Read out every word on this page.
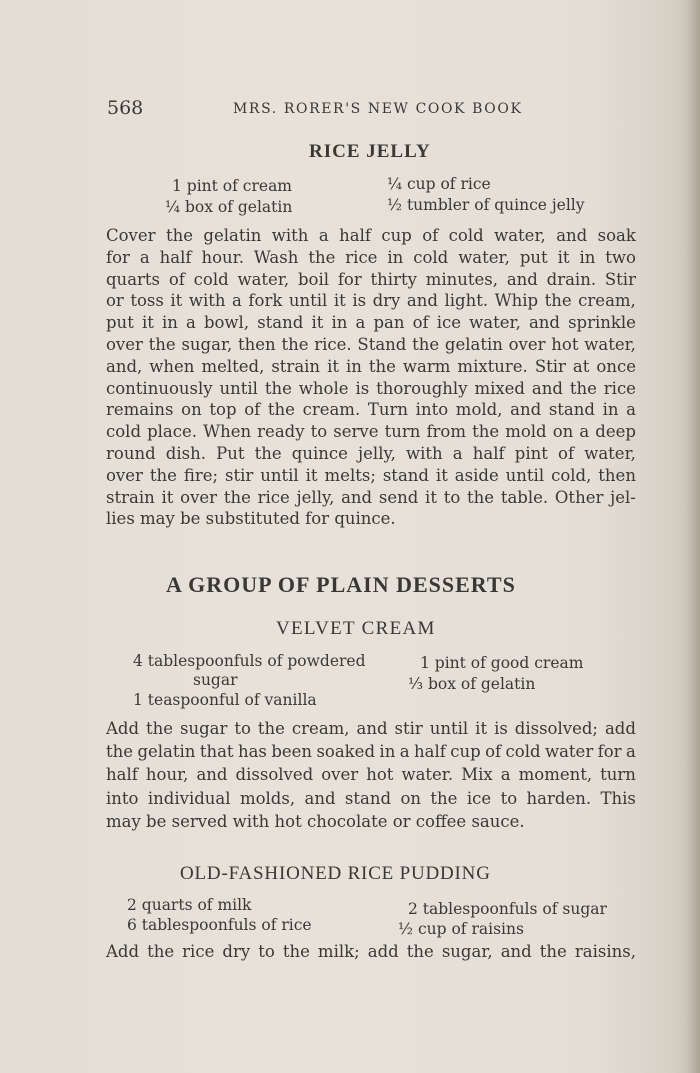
568	MRS. RORER'S NEW COOK BOOK
RICE JELLY
1 pint of cream
¼ box of gelatin
¼ cup of rice
½ tumbler of quince jelly
Cover the gelatin with a half cup of cold water, and soak
for a half hour. Wash the rice in cold water, put it in two
quarts of cold water, boil for thirty minutes, and drain. Stir
or toss it with a fork until it is dry and light. Whip the cream,
put it in a bowl, stand it in a pan of ice water, and sprinkle
over the sugar, then the rice. Stand the gelatin over hot water,
and, when melted, strain it in the warm mixture. Stir at once
continuously until the whole is thoroughly mixed and the rice
remains on top of the cream. Turn into mold, and stand in a
cold place. When ready to serve turn from the mold on a deep
round dish. Put the quince jelly, with a half pint of water,
over the fire; stir until it melts; stand it aside until cold, then
strain it over the rice jelly, and send it to the table. Other jel-
lies may be substituted for quince.
A GROUP OF PLAIN DESSERTS
VELVET CREAM
4 tablespoonfuls of powdered
sugar
1 teaspoonful of vanilla
1 pint of good cream
⅓ box of gelatin
Add the sugar to the cream, and stir until it is dissolved; add
the gelatin that has been soaked in a half cup of cold water for a
half hour, and dissolved over hot water. Mix a moment, turn
into individual molds, and stand on the ice to harden. This
may be served with hot chocolate or coffee sauce.
OLD-FASHIONED RICE PUDDING
2 quarts of milk
6 tablespoonfuls of rice
2 tablespoonfuls of sugar
½ cup of raisins
Add the rice dry to the milk; add the sugar, and the raisins,
